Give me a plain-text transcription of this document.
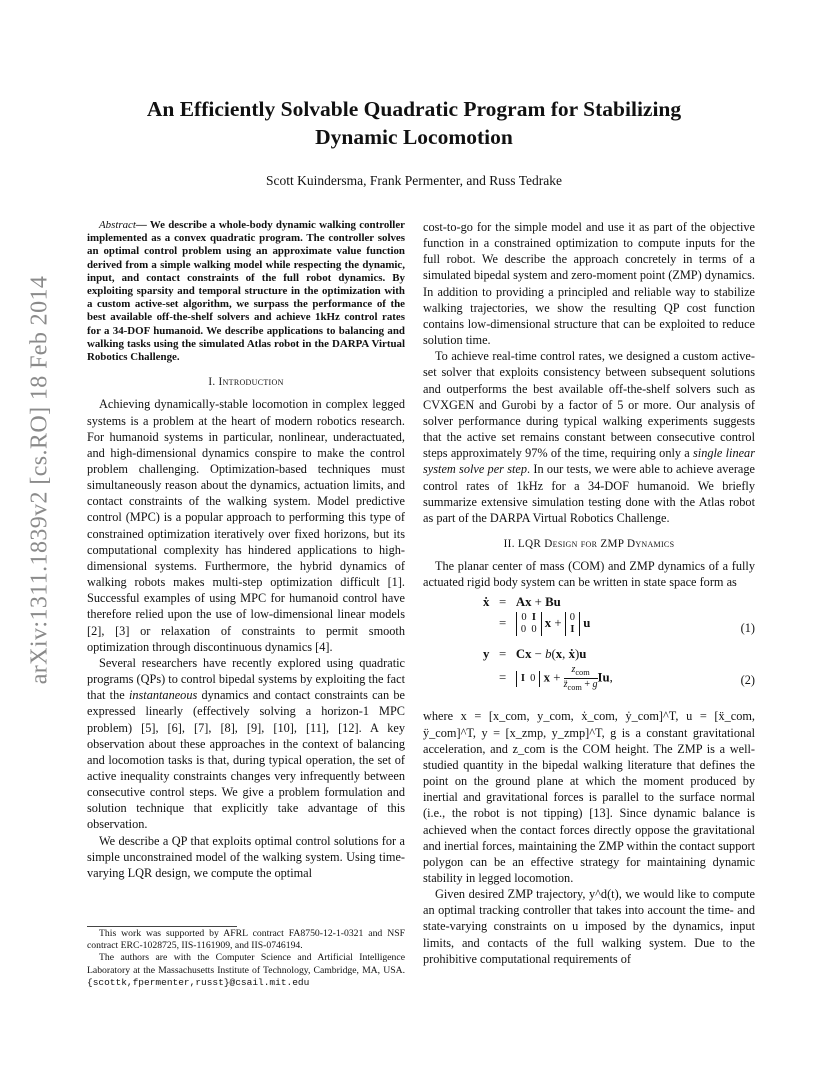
An Efficiently Solvable Quadratic Program for Stabilizing
Dynamic Locomotion
Scott Kuindersma, Frank Permenter, and Russ Tedrake
arXiv:1311.1839v2 [cs.RO] 18 Feb 2014

Abstract— We describe a whole-body dynamic walking controller implemented as a convex quadratic program. The controller solves an optimal control problem using an approximate value function derived from a simple walking model while respecting the dynamic, input, and contact constraints of the full robot dynamics. By exploiting sparsity and temporal structure in the optimization with a custom active-set algorithm, we surpass the performance of the best available off-the-shelf solvers and achieve 1kHz control rates for a 34-DOF humanoid. We describe applications to balancing and walking tasks using the simulated Atlas robot in the DARPA Virtual Robotics Challenge.

I. Introduction

Achieving dynamically-stable locomotion in complex legged systems is a problem at the heart of modern robotics research. For humanoid systems in particular, nonlinear, underactuated, and high-dimensional dynamics conspire to make the control problem challenging. Optimization-based techniques must simultaneously reason about the dynamics, actuation limits, and contact constraints of the walking system. Model predictive control (MPC) is a popular approach to performing this type of constrained optimization iteratively over fixed horizons, but its computational complexity has hindered applications to high-dimensional systems. Furthermore, the hybrid dynamics of walking robots makes multi-step optimization difficult [1]. Successful examples of using MPC for humanoid control have therefore relied upon the use of low-dimensional linear models [2], [3] or relaxation of constraints to permit smooth optimization through discontinuous dynamics [4].

Several researchers have recently explored using quadratic programs (QPs) to control bipedal systems by exploiting the fact that the instantaneous dynamics and contact constraints can be expressed linearly (effectively solving a horizon-1 MPC problem) [5], [6], [7], [8], [9], [10], [11], [12]. A key observation about these approaches in the context of balancing and locomotion tasks is that, during typical operation, the set of active inequality constraints changes very infrequently between consecutive control steps. We give a problem formulation and solution technique that explicitly take advantage of this observation.

We describe a QP that exploits optimal control solutions for a simple unconstrained model of the walking system. Using time-varying LQR design, we compute the optimal

This work was supported by AFRL contract FA8750-12-1-0321 and NSF contract ERC-1028725, IIS-1161909, and IIS-0746194.

The authors are with the Computer Science and Artificial Intelligence Laboratory at the Massachusetts Institute of Technology, Cambridge, MA, USA. {scottk,fpermenter,russt}@csail.mit.edu

cost-to-go for the simple model and use it as part of the objective function in a constrained optimization to compute inputs for the full robot. We describe the approach concretely in terms of a simulated bipedal system and zero-moment point (ZMP) dynamics. In addition to providing a principled and reliable way to stabilize walking trajectories, we show the resulting QP cost function contains low-dimensional structure that can be exploited to reduce solution time.

To achieve real-time control rates, we designed a custom active-set solver that exploits consistency between subsequent solutions and outperforms the best available off-the-shelf solvers such as CVXGEN and Gurobi by a factor of 5 or more. Our analysis of solver performance during typical walking experiments suggests that the active set remains constant between consecutive control steps approximately 97% of the time, requiring only a single linear system solve per step. In our tests, we were able to achieve average control rates of 1kHz for a 34-DOF humanoid. We briefly summarize extensive simulation testing done with the Atlas robot as part of the DARPA Virtual Robotics Challenge.

II. LQR Design for ZMP Dynamics

The planar center of mass (COM) and ZMP dynamics of a fully actuated rigid body system can be written in state space form as

ẋ   =   Ax + Bu
=   0  I
0  0 x + 0
I u	(1)
y   =   Cx − b(x, ẋ)u
=   I  0 $x + \frac{z_{com}}{z̈_{com} + g} Iu$,	(2)

where x = [x_com, y_com, ẋ_com, ẏ_com]^T, u = [ẍ_com, ÿ_com]^T, y = [x_zmp, y_zmp]^T, g is a constant gravitational acceleration, and z_com is the COM height. The ZMP is a well-studied quantity in the bipedal walking literature that defines the point on the ground plane at which the moment produced by inertial and gravitational forces is parallel to the surface normal (i.e., the robot is not tipping) [13]. Since dynamic balance is achieved when the contact forces directly oppose the gravitational and inertial forces, maintaining the ZMP within the contact support polygon can be an effective strategy for maintaining dynamic stability in legged locomotion.

Given desired ZMP trajectory, y^d(t), we would like to compute an optimal tracking controller that takes into account the time- and state-varying constraints on u imposed by the dynamics, input limits, and contacts of the full walking system. Due to the prohibitive computational requirements of
